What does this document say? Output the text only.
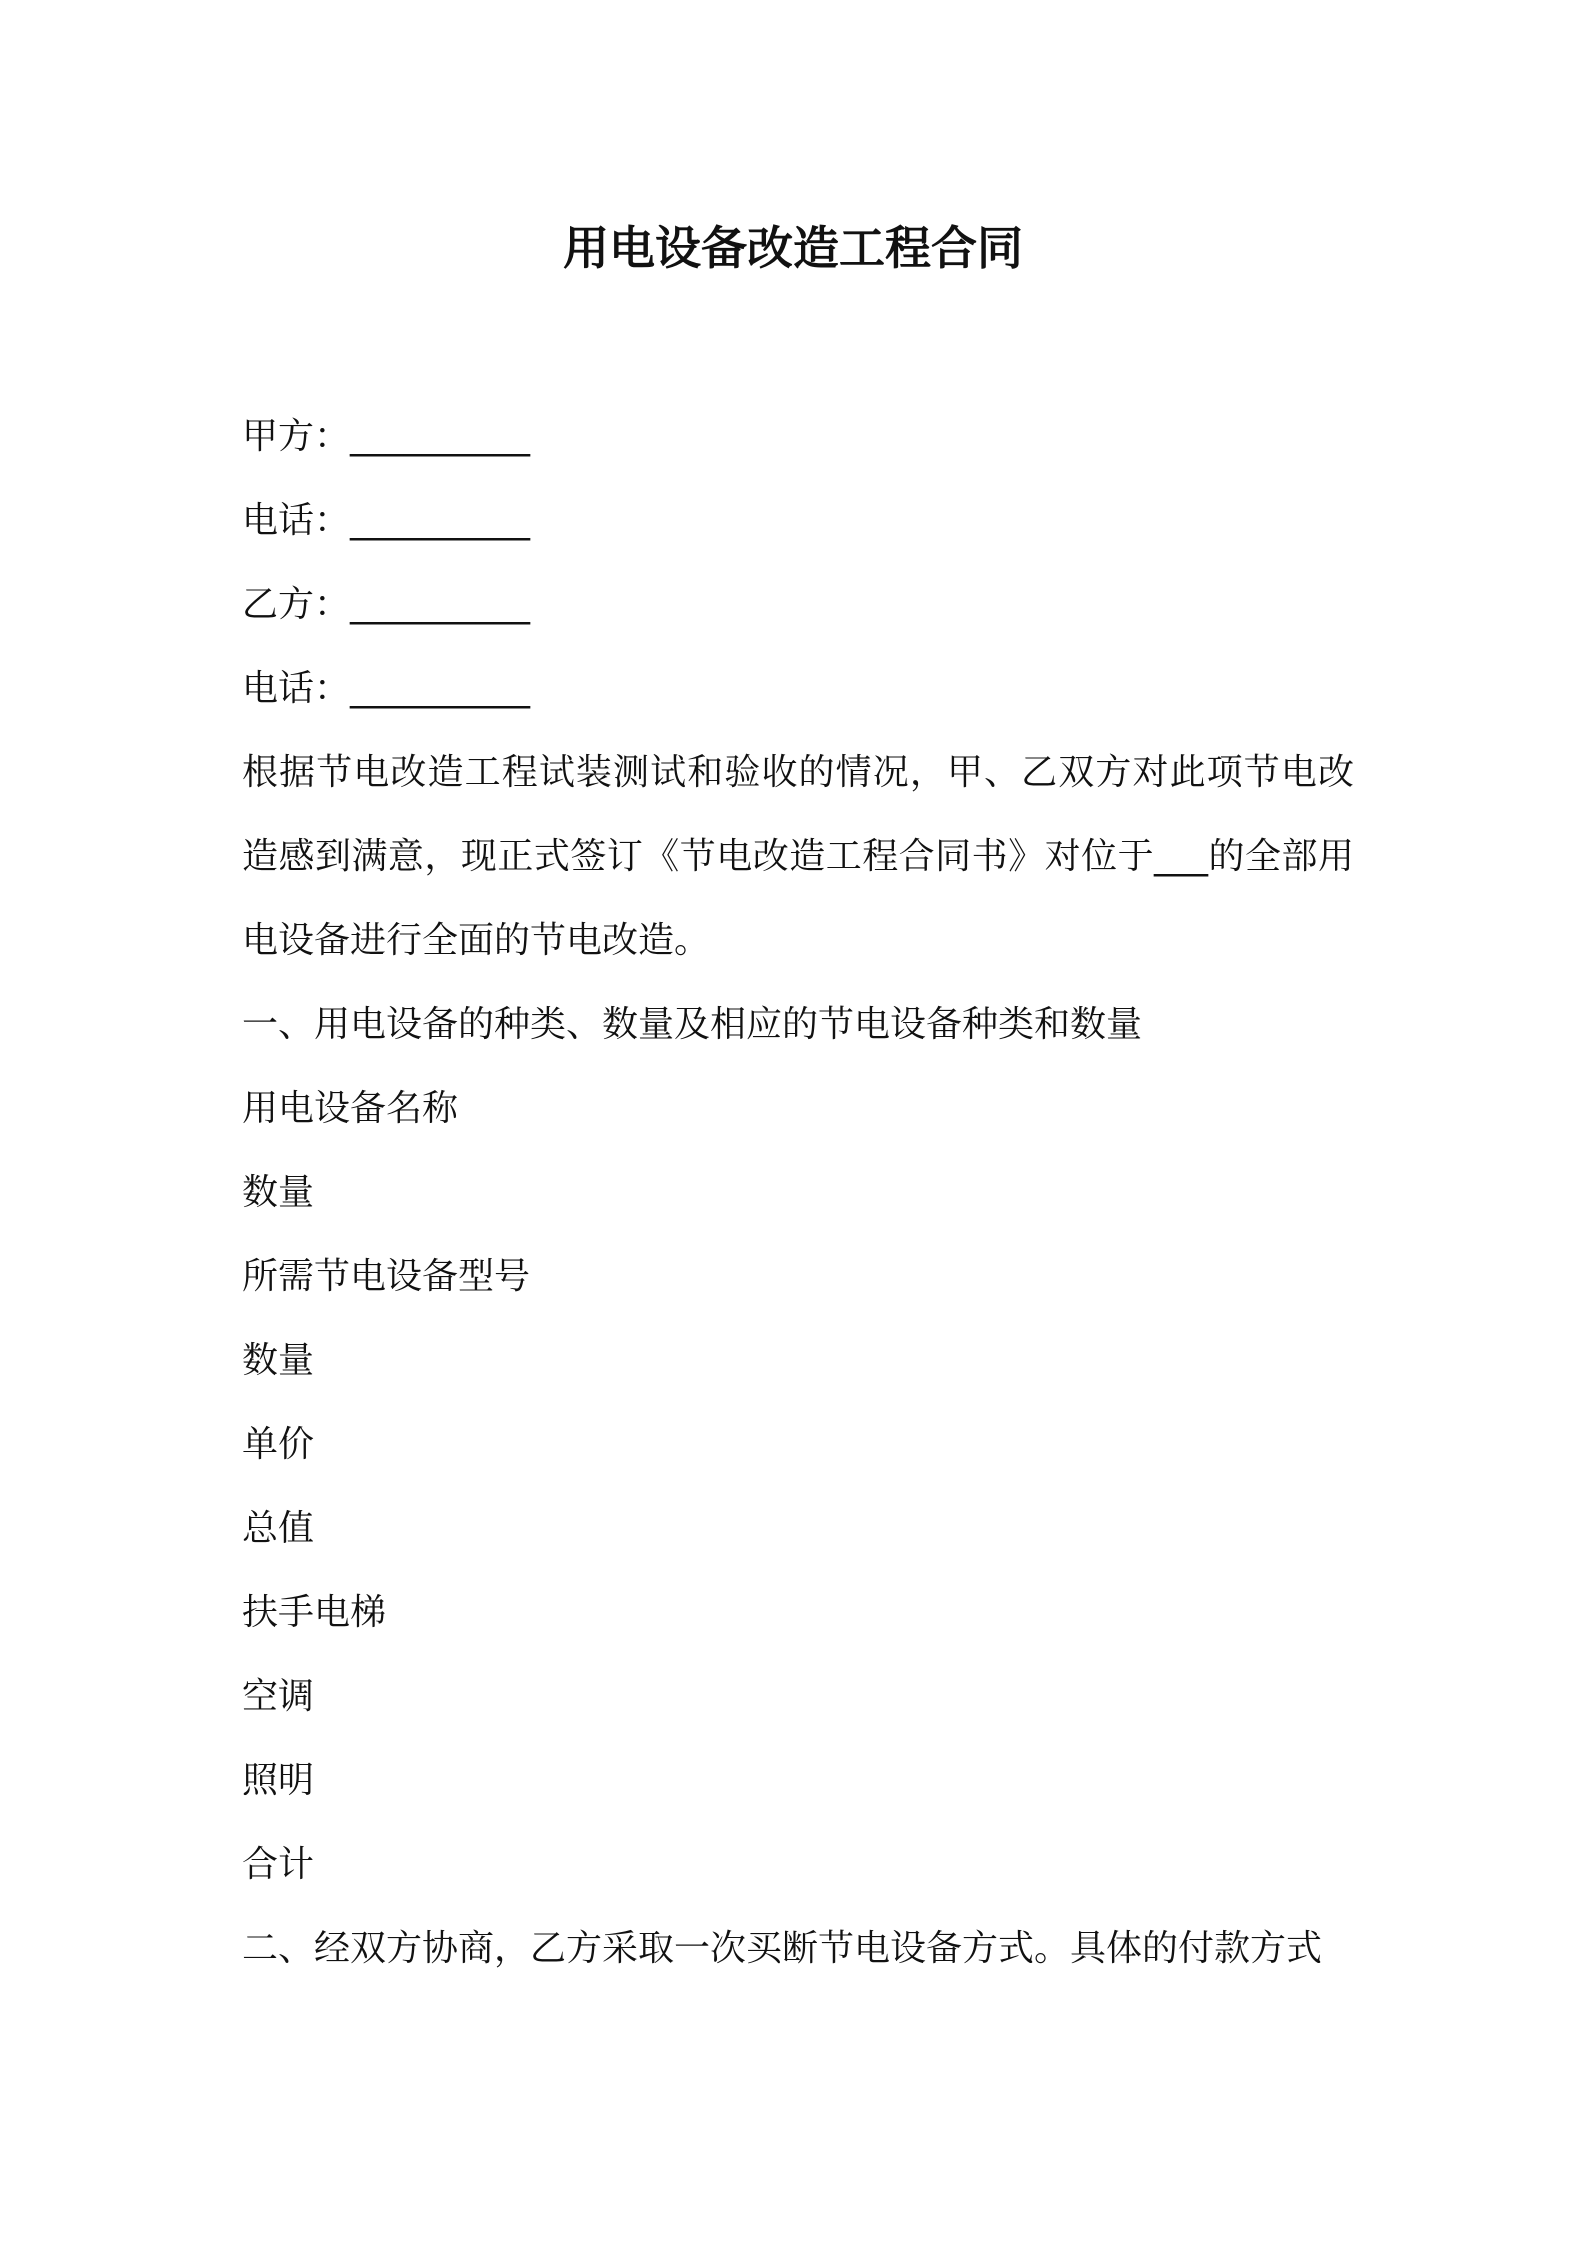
用电设备改造工程合同
甲方：__________
电话：__________
乙方：__________
电话：__________
根据节电改造工程试装测试和验收的情况，甲、乙双方对此项节电改造感到满意，现正式签订《节电改造工程合同书》对位于___的全部用电设备进行全面的节电改造。
一、用电设备的种类、数量及相应的节电设备种类和数量
用电设备名称
数量
所需节电设备型号
数量
单价
总值
扶手电梯
空调
照明
合计
二、经双方协商，乙方采取一次买断节电设备方式。具体的付款方式
